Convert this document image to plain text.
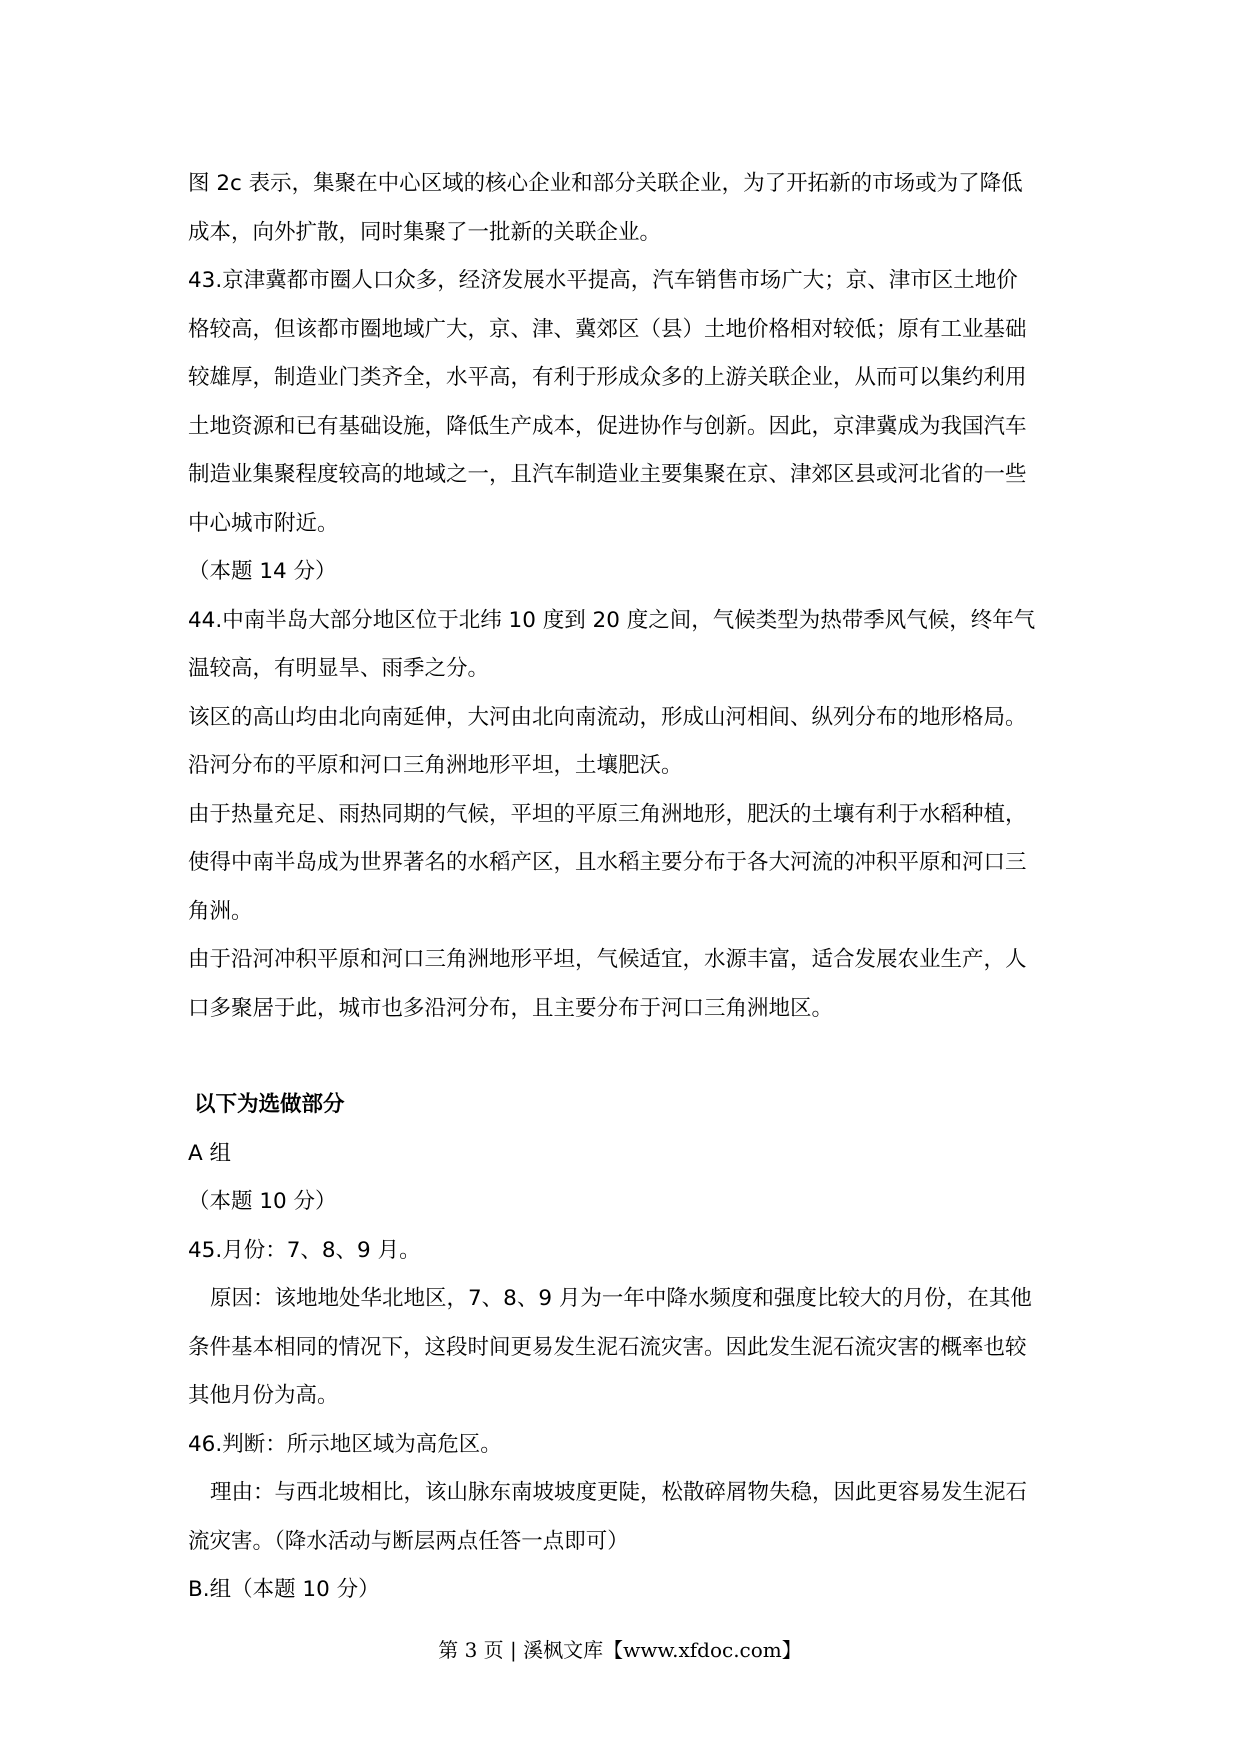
图 2c 表示，集聚在中心区域的核心企业和部分关联企业，为了开拓新的市场或为了降低
成本，向外扩散，同时集聚了一批新的关联企业。
43.京津冀都市圈人口众多，经济发展水平提高，汽车销售市场广大；京、津市区土地价
格较高，但该都市圈地域广大，京、津、冀郊区（县）土地价格相对较低；原有工业基础
较雄厚，制造业门类齐全，水平高，有利于形成众多的上游关联企业，从而可以集约利用
土地资源和已有基础设施，降低生产成本，促进协作与创新。因此，京津冀成为我国汽车
制造业集聚程度较高的地域之一，且汽车制造业主要集聚在京、津郊区县或河北省的一些
中心城市附近。
（本题 14 分）
44.中南半岛大部分地区位于北纬 10 度到 20 度之间，气候类型为热带季风气候，终年气
温较高，有明显旱、雨季之分。
该区的高山均由北向南延伸，大河由北向南流动，形成山河相间、纵列分布的地形格局。
沿河分布的平原和河口三角洲地形平坦，土壤肥沃。
由于热量充足、雨热同期的气候，平坦的平原三角洲地形，肥沃的土壤有利于水稻种植，
使得中南半岛成为世界著名的水稻产区，且水稻主要分布于各大河流的冲积平原和河口三
角洲。
由于沿河冲积平原和河口三角洲地形平坦，气候适宜，水源丰富，适合发展农业生产，人
口多聚居于此，城市也多沿河分布，且主要分布于河口三角洲地区。
以下为选做部分
A 组
（本题 10 分）
45.月份：7、8、9 月。
原因：该地地处华北地区，7、8、9 月为一年中降水频度和强度比较大的月份，在其他
条件基本相同的情况下，这段时间更易发生泥石流灾害。因此发生泥石流灾害的概率也较
其他月份为高。
46.判断：所示地区域为高危区。
理由：与西北坡相比，该山脉东南坡坡度更陡，松散碎屑物失稳，因此更容易发生泥石
流灾害。（降水活动与断层两点任答一点即可）
B.组（本题 10 分）
第 3 页 | 溪枫文库【www.xfdoc.com】
